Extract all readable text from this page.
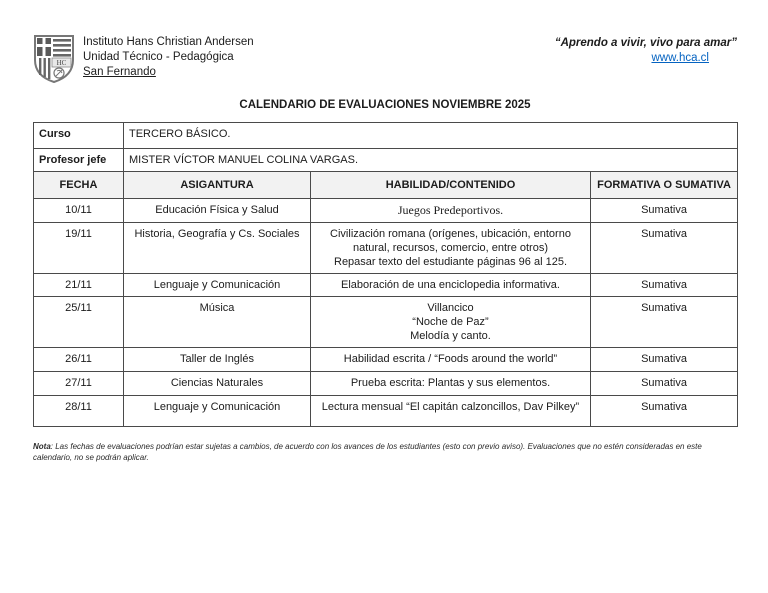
HC
Instituto Hans Christian Andersen
Unidad Técnico - Pedagógica
San Fernando
“Aprendo a vivir, vivo para amar”
www.hca.cl
CALENDARIO DE EVALUACIONES NOVIEMBRE 2025
Curso	TERCERO BÁSICO.		
Profesor jefe	MISTER VÍCTOR MANUEL COLINA VARGAS.		
FECHA	ASIGANTURA	HABILIDAD/CONTENIDO	FORMATIVA O SUMATIVA
10/11	Educación Física y Salud	Juegos Predeportivos.	Sumativa
19/11	Historia, Geografía y Cs. Sociales	Civilización romana (orígenes, ubicación, entorno
natural, recursos, comercio, entre otros)
Repasar texto del estudiante páginas 96 al 125.	Sumativa
21/11	Lenguaje y Comunicación	Elaboración de una enciclopedia informativa.	Sumativa
25/11	Música	Villancico
“Noche de Paz”
Melodía y canto.	Sumativa
26/11	Taller de Inglés	Habilidad escrita / “Foods around the world”	Sumativa
27/11	Ciencias Naturales	Prueba escrita: Plantas y sus elementos.	Sumativa
28/11	Lenguaje y Comunicación	Lectura mensual “El capitán calzoncillos, Dav Pilkey”	Sumativa

Nota: Las fechas de evaluaciones podrían estar sujetas a cambios, de acuerdo con los avances de los estudiantes (esto con previo aviso). Evaluaciones que no estén consideradas en este calendario, no se podrán aplicar.
